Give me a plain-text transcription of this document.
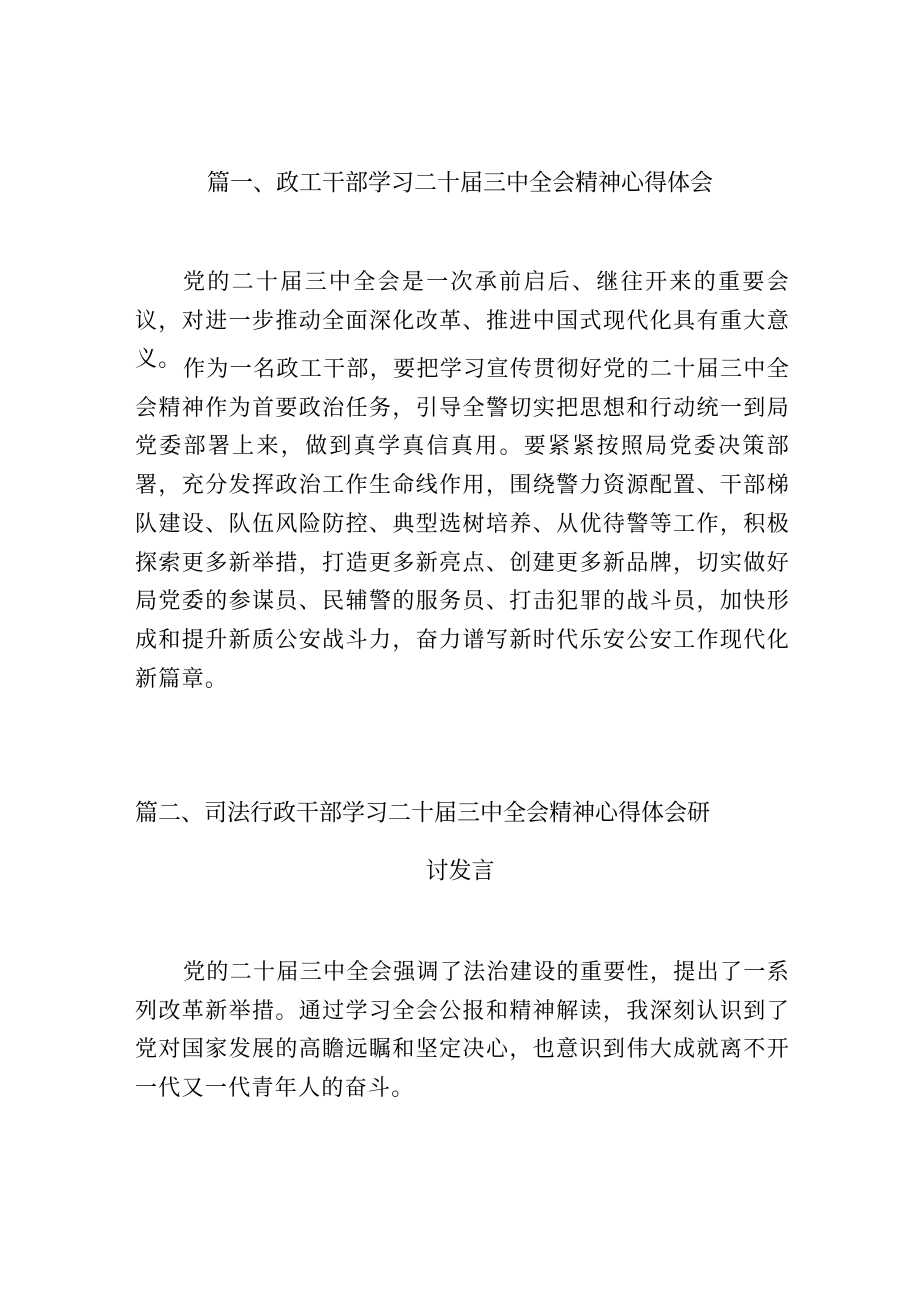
篇一、政工干部学习二十届三中全会精神心得体会

党的二十届三中全会是一次承前启后、继往开来的重要会议，对进一步推动全面深化改革、推进中国式现代化具有重大意义。 作为一名政工干部，要把学习宣传贯彻好党的二十届三中全会精神作为首要政治任务，引导全警切实把思想和行动统一到局党委部署上来，做到真学真信真用。要紧紧按照局党委决策部署，充分发挥政治工作生命线作用，围绕警力资源配置、干部梯队建设、队伍风险防控、典型选树培养、从优待警等工作，积极探索更多新举措，打造更多新亮点、创建更多新品牌，切实做好局党委的参谋员、民辅警的服务员、打击犯罪的战斗员，加快形成和提升新质公安战斗力，奋力谱写新时代乐安公安工作现代化新篇章。

篇二、司法行政干部学习二十届三中全会精神心得体会研
讨发言

党的二十届三中全会强调了法治建设的重要性，提出了一系列改革新举措。通过学习全会公报和精神解读，我深刻认识到了党对国家发展的高瞻远瞩和坚定决心，也意识到伟大成就离不开一代又一代青年人的奋斗。
